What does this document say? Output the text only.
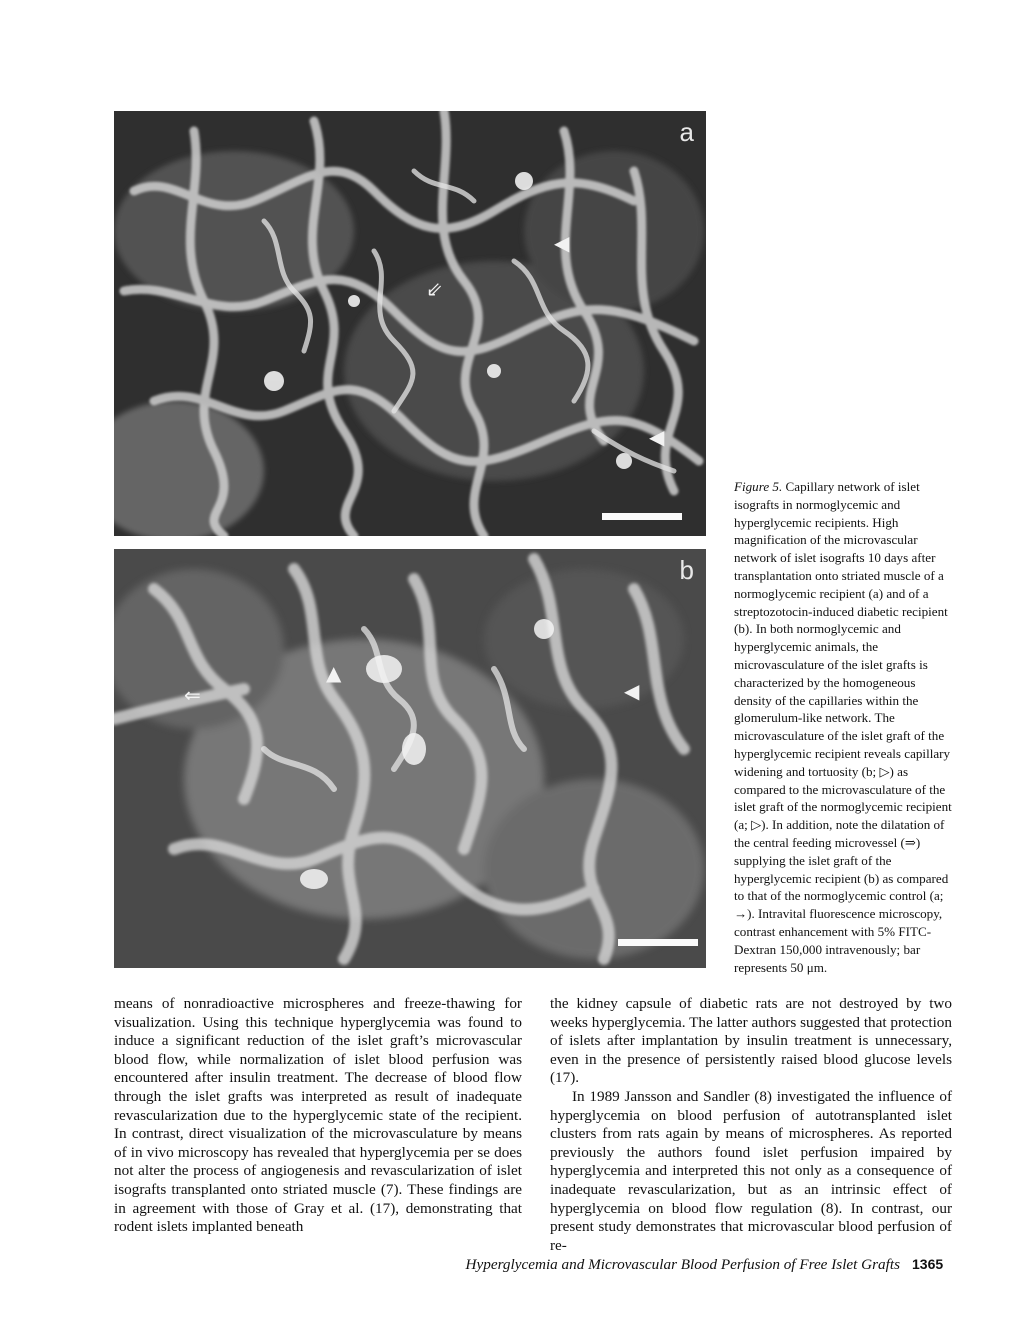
a
◀
◀
⇙
b
▲
◀
⇐
Figure 5. Capillary network of islet isografts in normoglycemic and hyperglycemic recipients. High magnification of the microvascular network of islet isografts 10 days after transplantation onto striated muscle of a normoglycemic recipient (a) and of a streptozotocin-induced diabetic recipient (b). In both normoglycemic and hyperglycemic animals, the microvasculature of the islet grafts is characterized by the homogeneous density of the capillaries within the glomerulum-like network. The microvasculature of the islet graft of the hyperglycemic recipient reveals capillary widening and tortuosity (b; ▷) as compared to the microvasculature of the islet graft of the normoglycemic recipient (a; ▷). In addition, note the dilatation of the central feeding microvessel (⇒) supplying the islet graft of the hyperglycemic recipient (b) as compared to that of the normoglycemic control (a; →). Intravital fluorescence microscopy, contrast enhancement with 5% FITC-Dextran 150,000 intravenously; bar represents 50 μm.

means of nonradioactive microspheres and freeze-thawing for visualization. Using this technique hyperglycemia was found to induce a significant reduction of the islet graft’s microvascular blood flow, while normalization of islet blood perfusion was encountered after insulin treatment. The decrease of blood flow through the islet grafts was interpreted as result of inadequate revascularization due to the hyperglycemic state of the recipient. In contrast, direct visualization of the microvasculature by means of in vivo microscopy has revealed that hyperglycemia per se does not alter the process of angiogenesis and revascularization of islet isografts transplanted onto striated muscle (7). These findings are in agreement with those of Gray et al. (17), demonstrating that rodent islets implanted beneath

the kidney capsule of diabetic rats are not destroyed by two weeks hyperglycemia. The latter authors suggested that protection of islets after implantation by insulin treatment is unnecessary, even in the presence of persistently raised blood glucose levels (17).

In 1989 Jansson and Sandler (8) investigated the influence of hyperglycemia on blood perfusion of autotransplanted islet clusters from rats again by means of microspheres. As reported previously the authors found islet perfusion impaired by hyperglycemia and interpreted this not only as a consequence of inadequate revascularization, but as an intrinsic effect of hyperglycemia on blood flow regulation (8). In contrast, our present study demonstrates that microvascular blood perfusion of re-

Hyperglycemia and Microvascular Blood Perfusion of Free Islet Grafts 1365
